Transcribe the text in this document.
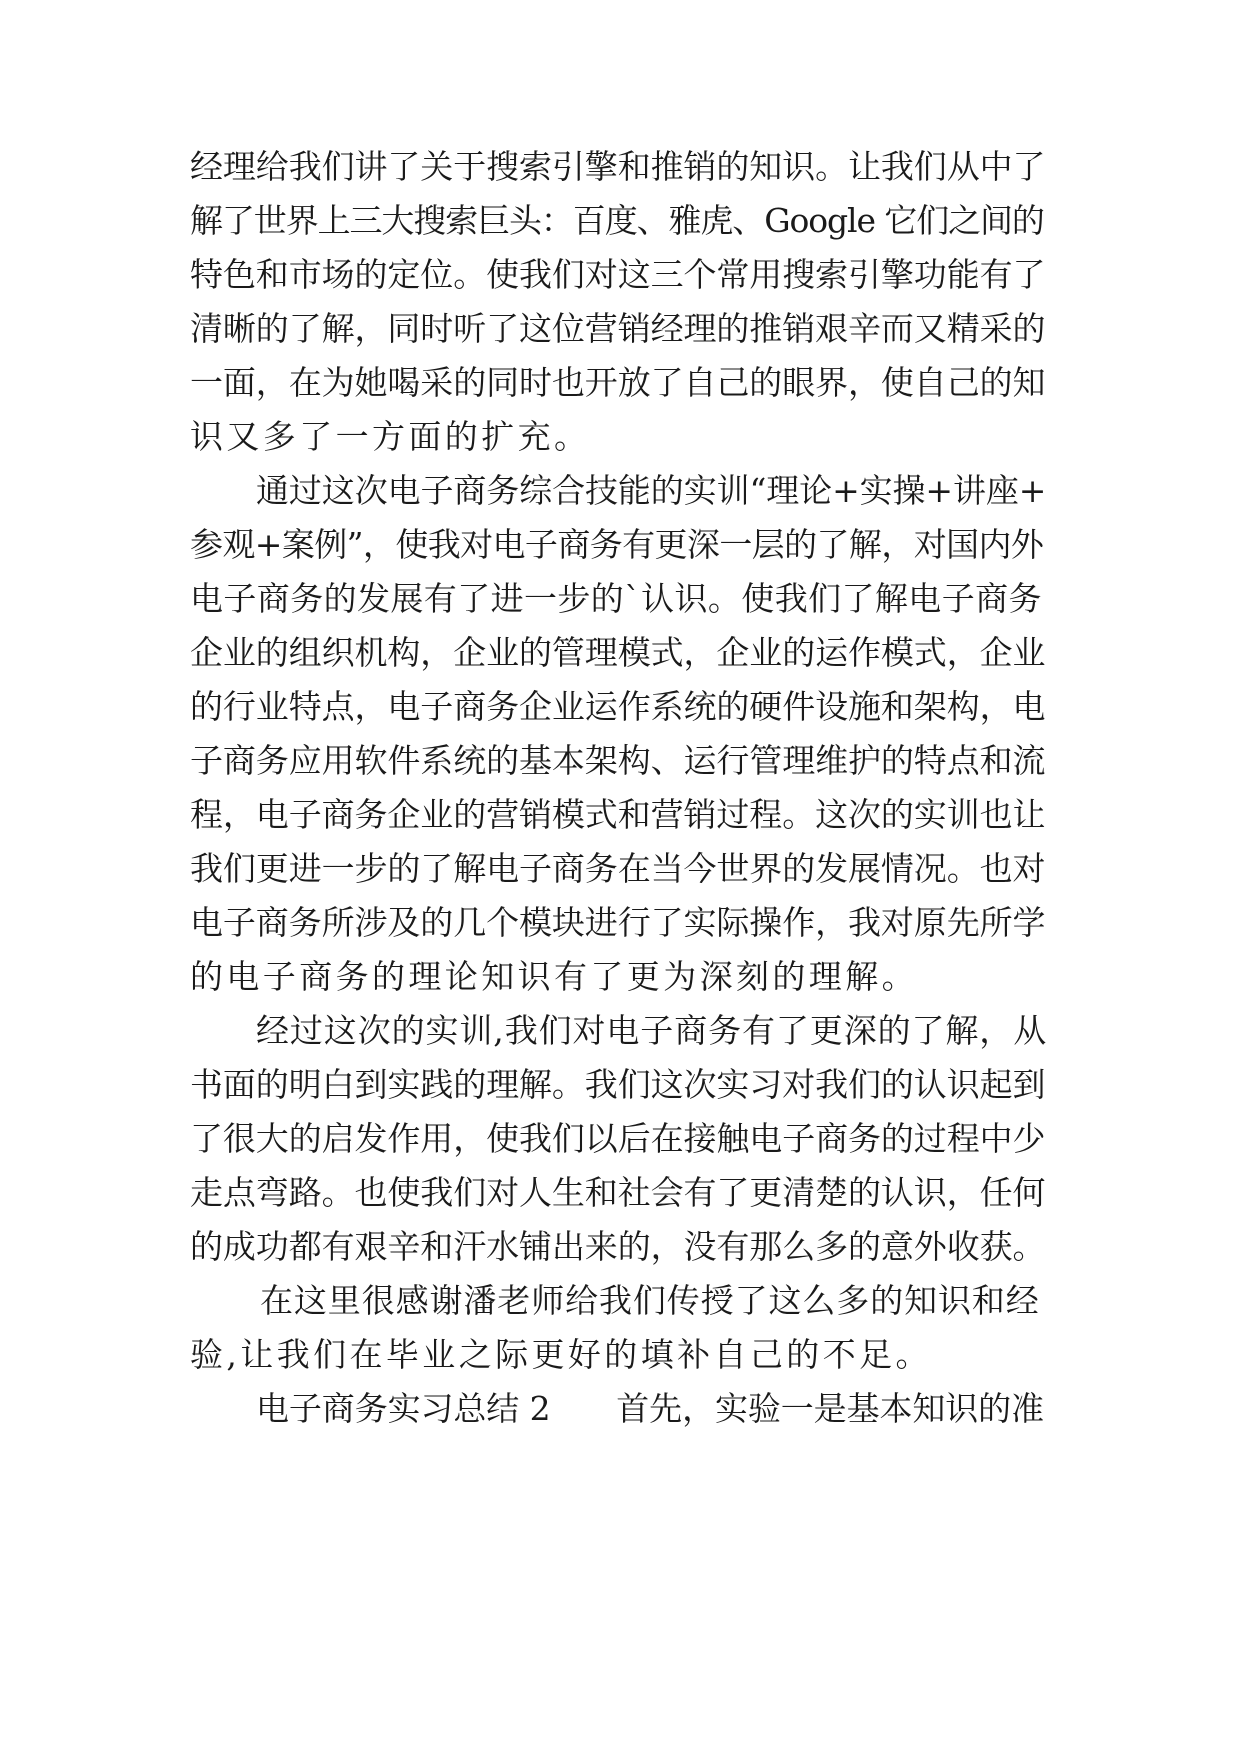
经理给我们讲了关于搜索引擎和推销的知识。让我们从中了
解了世界上三大搜索巨头：百度、雅虎、Google 它们之间的
特色和市场的定位。使我们对这三个常用搜索引擎功能有了
清晰的了解，同时听了这位营销经理的推销艰辛而又精采的
一面，在为她喝采的同时也开放了自己的眼界，使自己的知
识又多了一方面的扩充。
通过这次电子商务综合技能的实训“理论+实操+讲座+
参观+案例”，使我对电子商务有更深一层的了解，对国内外
电子商务的发展有了进一步的`认识。使我们了解电子商务
企业的组织机构，企业的管理模式，企业的运作模式，企业
的行业特点，电子商务企业运作系统的硬件设施和架构，电
子商务应用软件系统的基本架构、运行管理维护的特点和流
程，电子商务企业的营销模式和营销过程。这次的实训也让
我们更进一步的了解电子商务在当今世界的发展情况。也对
电子商务所涉及的几个模块进行了实际操作，我对原先所学
的电子商务的理论知识有了更为深刻的理解。
经过这次的实训,我们对电子商务有了更深的了解，从
书面的明白到实践的理解。我们这次实习对我们的认识起到
了很大的启发作用，使我们以后在接触电子商务的过程中少
走点弯路。也使我们对人生和社会有了更清楚的认识，任何
的成功都有艰辛和汗水铺出来的，没有那么多的意外收获。
在这里很感谢潘老师给我们传授了这么多的知识和经
验,让我们在毕业之际更好的填补自己的不足。
电子商务实习总结 2　　首先，实验一是基本知识的准
